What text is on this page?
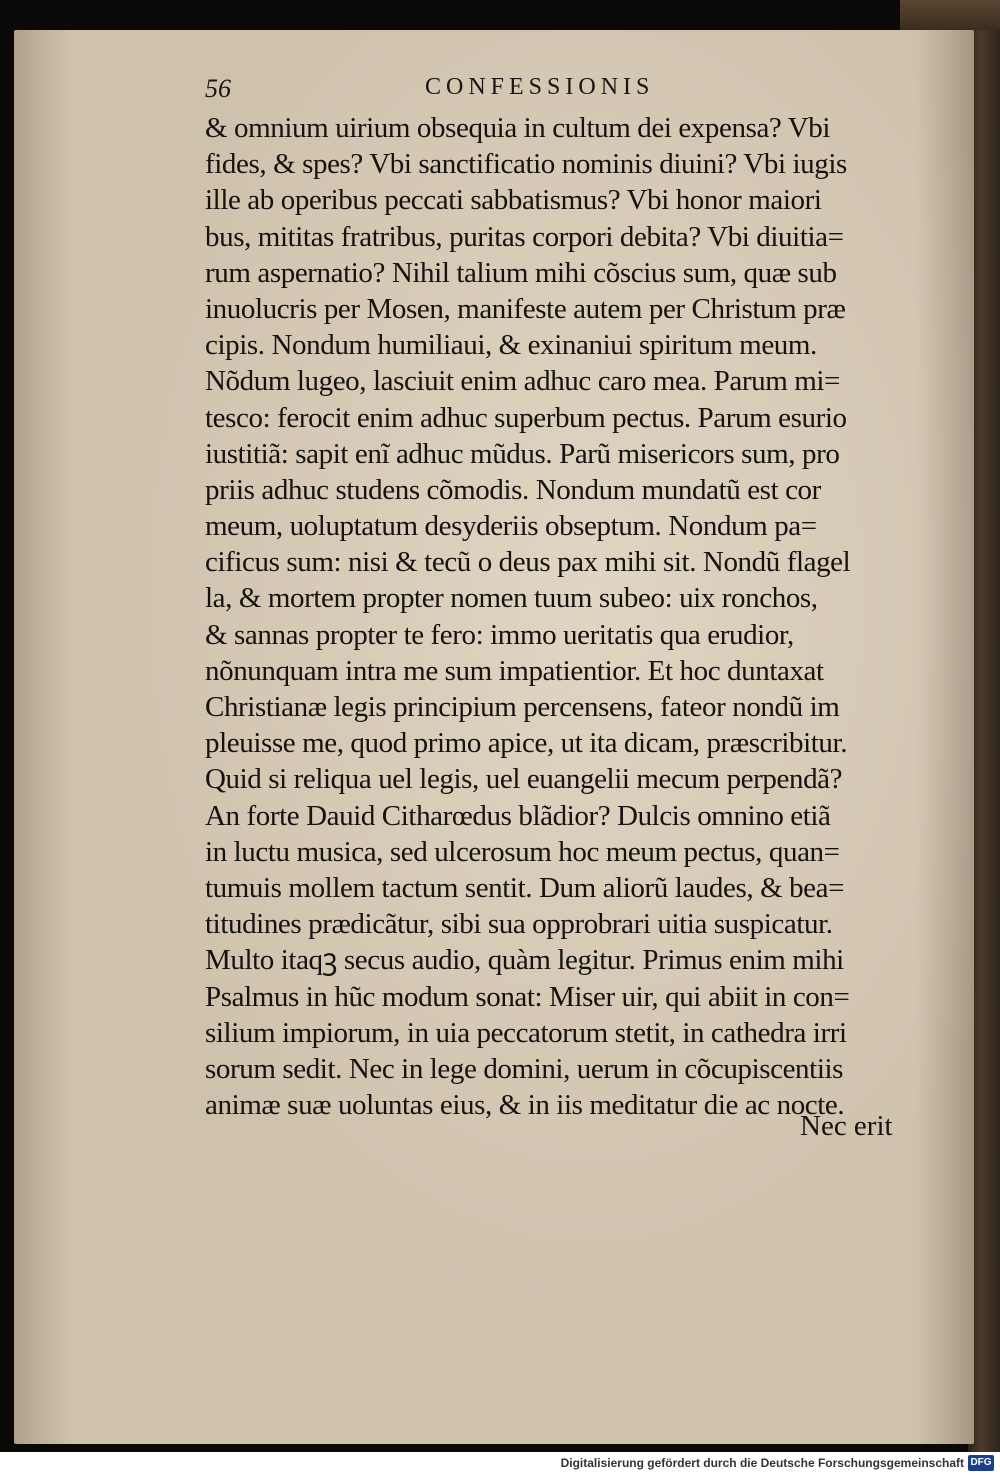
56	CONFESSIONIS
& omnium uirium obsequia in cultum dei expensa? Vbi
fides, & spes? Vbi sanctificatio nominis diuini? Vbi iugis
ille ab operibus peccati sabbatismus? Vbi honor maiori
bus, mititas fratribus, puritas corpori debita? Vbi diuitia=
rum aspernatio? Nihil talium mihi cõscius sum, quæ sub
inuolucris per Mosen, manifeste autem per Christum præ
cipis. Nondum humiliaui, & exinaniui spiritum meum.
Nõdum lugeo, lasciuit enim adhuc caro mea. Parum mi=
tesco: ferocit enim adhuc superbum pectus. Parum esurio
iustitiã: sapit enĩ adhuc mũdus. Parũ misericors sum, pro
priis adhuc studens cõmodis. Nondum mundatũ est cor
meum, uoluptatum desyderiis obseptum. Nondum pa=
cificus sum: nisi & tecũ o deus pax mihi sit. Nondũ flagel
la, & mortem propter nomen tuum subeo: uix ronchos,
& sannas propter te fero: immo ueritatis qua erudior,
nõnunquam intra me sum impatientior. Et hoc duntaxat
Christianæ legis principium percensens, fateor nondũ im
pleuisse me, quod primo apice, ut ita dicam, præscribitur.
Quid si reliqua uel legis, uel euangelii mecum perpendã?
An forte Dauid Citharœdus blãdior? Dulcis omnino etiã
in luctu musica, sed ulcerosum hoc meum pectus, quan=
tumuis mollem tactum sentit. Dum aliorũ laudes, & bea=
titudines prædicãtur, sibi sua opprobrari uitia suspicatur.
Multo itaqꝫ secus audio, quàm legitur. Primus enim mihi
Psalmus in hũc modum sonat: Miser uir, qui abiit in con=
silium impiorum, in uia peccatorum stetit, in cathedra irri
sorum sedit. Nec in lege domini, uerum in cõcupiscentiis
animæ suæ uoluntas eius, & in iis meditatur die ac nocte.
Nec erit
Digitalisierung gefördert durch die Deutsche Forschungsgemeinschaft DFG
